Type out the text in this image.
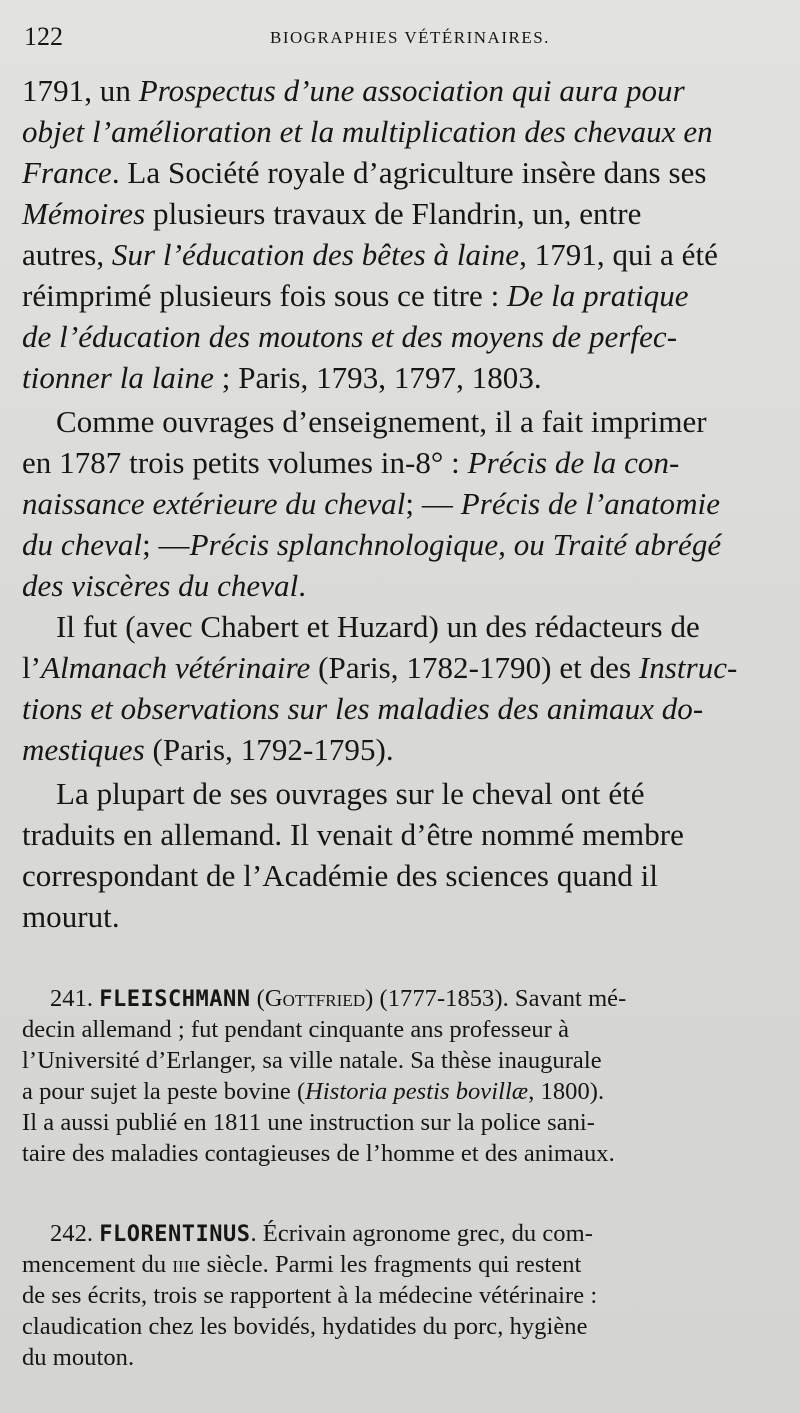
122	BIOGRAPHIES VÉTÉRINAIRES.
1791, un Prospectus d’une association qui aura pour
objet l’amélioration et la multiplication des chevaux en
France. La Société royale d’agriculture insère dans ses
Mémoires plusieurs travaux de Flandrin, un, entre
autres, Sur l’éducation des bêtes à laine, 1791, qui a été
réimprimé plusieurs fois sous ce titre : De la pratique
de l’éducation des moutons et des moyens de perfec-
tionner la laine ; Paris, 1793, 1797, 1803.
Comme ouvrages d’enseignement, il a fait imprimer
en 1787 trois petits volumes in-8° : Précis de la con-
naissance extérieure du cheval; — Précis de l’anatomie
du cheval; —Précis splanchnologique, ou Traité abrégé
des viscères du cheval.
Il fut (avec Chabert et Huzard) un des rédacteurs de
l’Almanach vétérinaire (Paris, 1782-1790) et des Instruc-
tions et observations sur les maladies des animaux do-
mestiques (Paris, 1792-1795).
La plupart de ses ouvrages sur le cheval ont été
traduits en allemand. Il venait d’être nommé membre
correspondant de l’Académie des sciences quand il
mourut.
241. FLEISCHMANN (Gottfried) (1777-1853). Savant mé-
decin allemand ; fut pendant cinquante ans professeur à
l’Université d’Erlanger, sa ville natale. Sa thèse inaugurale
a pour sujet la peste bovine (Historia pestis bovillæ, 1800).
Il a aussi publié en 1811 une instruction sur la police sani-
taire des maladies contagieuses de l’homme et des animaux.
242. FLORENTINUS. Écrivain agronome grec, du com-
mencement du iiie siècle. Parmi les fragments qui restent
de ses écrits, trois se rapportent à la médecine vétérinaire :
claudication chez les bovidés, hydatides du porc, hygiène
du mouton.
